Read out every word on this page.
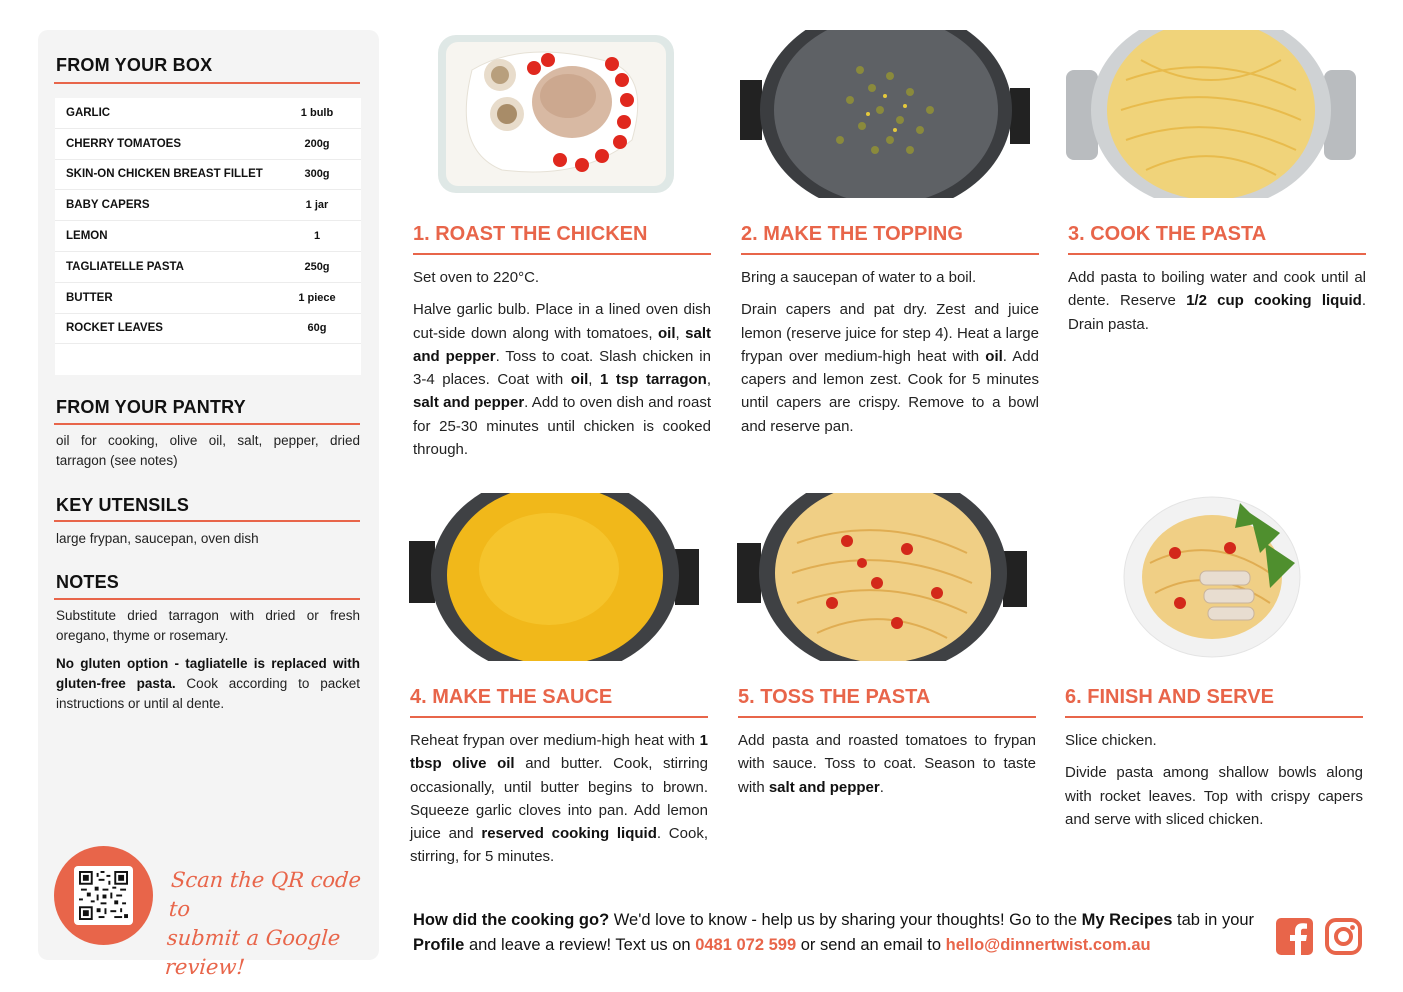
FROM YOUR BOX
GARLIC	1 bulb
CHERRY TOMATOES	200g
SKIN-ON CHICKEN BREAST FILLET	300g
BABY CAPERS	1 jar
LEMON	1
TAGLIATELLE PASTA	250g
BUTTER	1 piece
ROCKET LEAVES	60g
FROM YOUR PANTRY
oil for cooking, olive oil, salt, pepper, dried tarragon (see notes)
KEY UTENSILS
large frypan, saucepan, oven dish
NOTES
Substitute dried tarragon with dried or fresh oregano, thyme or rosemary.
No gluten option - tagliatelle is replaced with gluten-free pasta. Cook according to packet instructions or until al dente.
Scan the QR code to
submit a Google review!
1. ROAST THE CHICKEN

Set oven to 220°C.

Halve garlic bulb. Place in a lined oven dish cut-side down along with tomatoes, oil, salt and pepper. Toss to coat. Slash chicken in 3-4 places. Coat with oil, 1 tsp tarragon, salt and pepper. Add to oven dish and roast for 25-30 minutes until chicken is cooked through.

2. MAKE THE TOPPING

Bring a saucepan of water to a boil.

Drain capers and pat dry. Zest and juice lemon (reserve juice for step 4). Heat a large frypan over medium-high heat with oil. Add capers and lemon zest. Cook for 5 minutes until capers are crispy. Remove to a bowl and reserve pan.

3. COOK THE PASTA

Add pasta to boiling water and cook until al dente. Reserve 1/2 cup cooking liquid. Drain pasta.

4. MAKE THE SAUCE

Reheat frypan over medium-high heat with 1 tbsp olive oil and butter. Cook, stirring occasionally, until butter begins to brown. Squeeze garlic cloves into pan. Add lemon juice and reserved cooking liquid. Cook, stirring, for 5 minutes.

5. TOSS THE PASTA

Add pasta and roasted tomatoes to frypan with sauce. Toss to coat. Season to taste with salt and pepper.

6. FINISH AND SERVE

Slice chicken.

Divide pasta among shallow bowls along with rocket leaves. Top with crispy capers and serve with sliced chicken.

How did the cooking go? We'd love to know - help us by sharing your thoughts! Go to the My Recipes tab in your Profile and leave a review! Text us on 0481 072 599 or send an email to hello@dinnertwist.com.au
